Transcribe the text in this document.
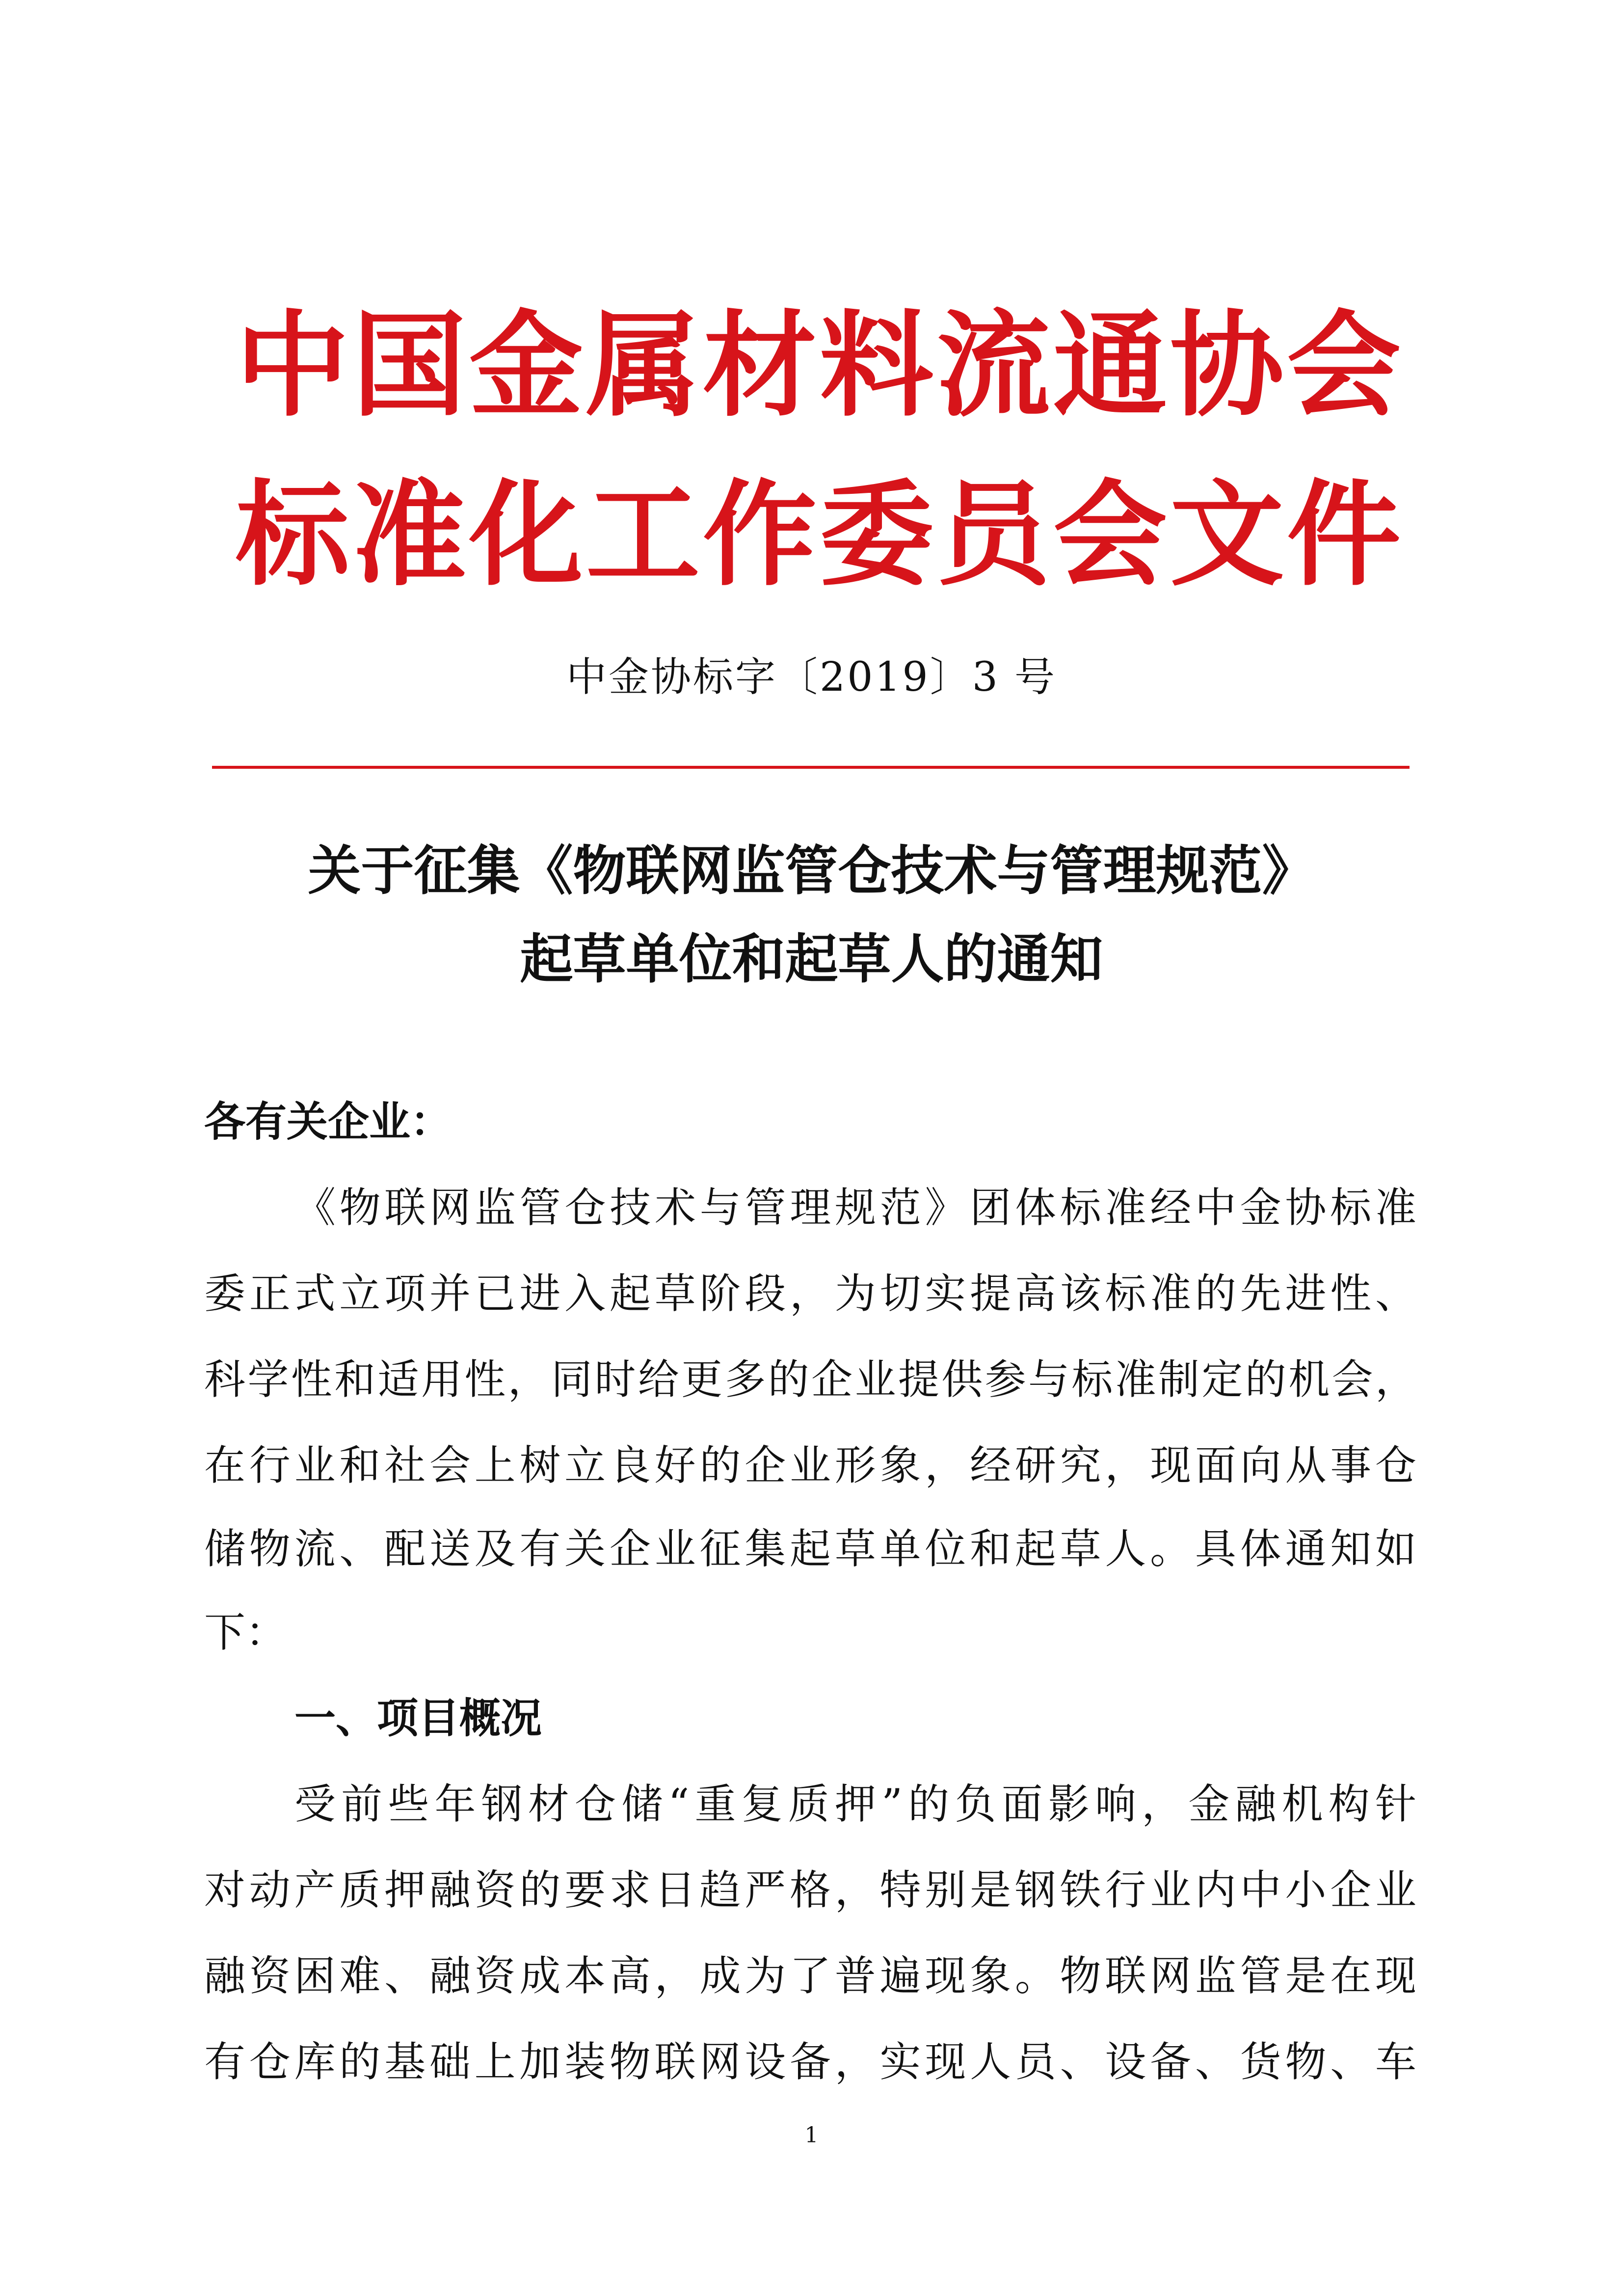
中国金属材料流通协会
标准化工作委员会文件
中金协标字〔2019〕3 号
关于征集《物联网监管仓技术与管理规范》
起草单位和起草人的通知
各有关企业：
《物联网监管仓技术与管理规范》团体标准经中金协标准
委正式立项并已进入起草阶段，为切实提高该标准的先进性、
科学性和适用性，同时给更多的企业提供参与标准制定的机会，
在行业和社会上树立良好的企业形象，经研究，现面向从事仓
储物流、配送及有关企业征集起草单位和起草人。具体通知如
下：
一、项目概况
受前些年钢材仓储“重复质押”的负面影响，金融机构针
对动产质押融资的要求日趋严格，特别是钢铁行业内中小企业
融资困难、融资成本高，成为了普遍现象。物联网监管是在现
有仓库的基础上加装物联网设备，实现人员、设备、货物、车
1
